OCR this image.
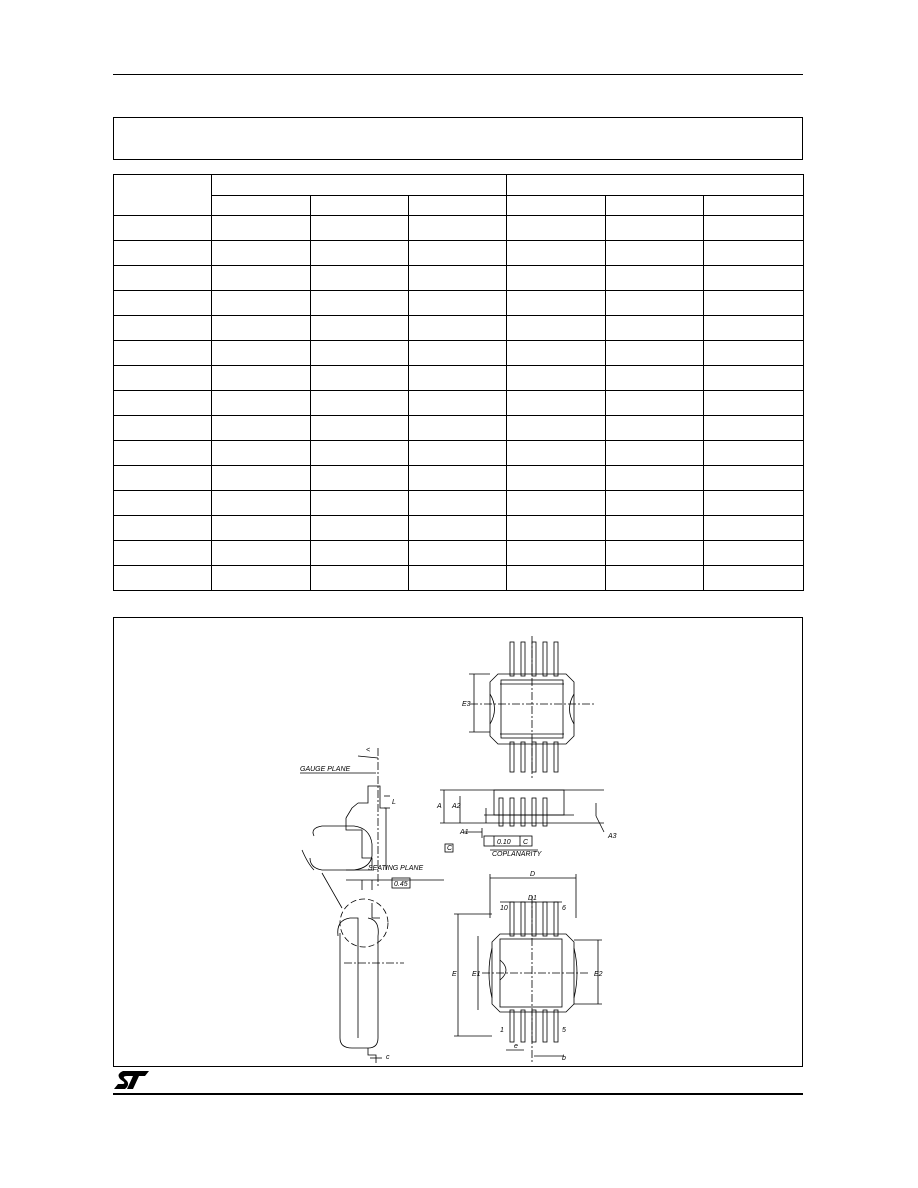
GAUGE PLANE
<
L
SEATING PLANE
0.45
c
E3
A A2
A1
A3
0.10 C
COPLANARITY
C
D
D1
10	6
1	5
E E1	E2
e
b
